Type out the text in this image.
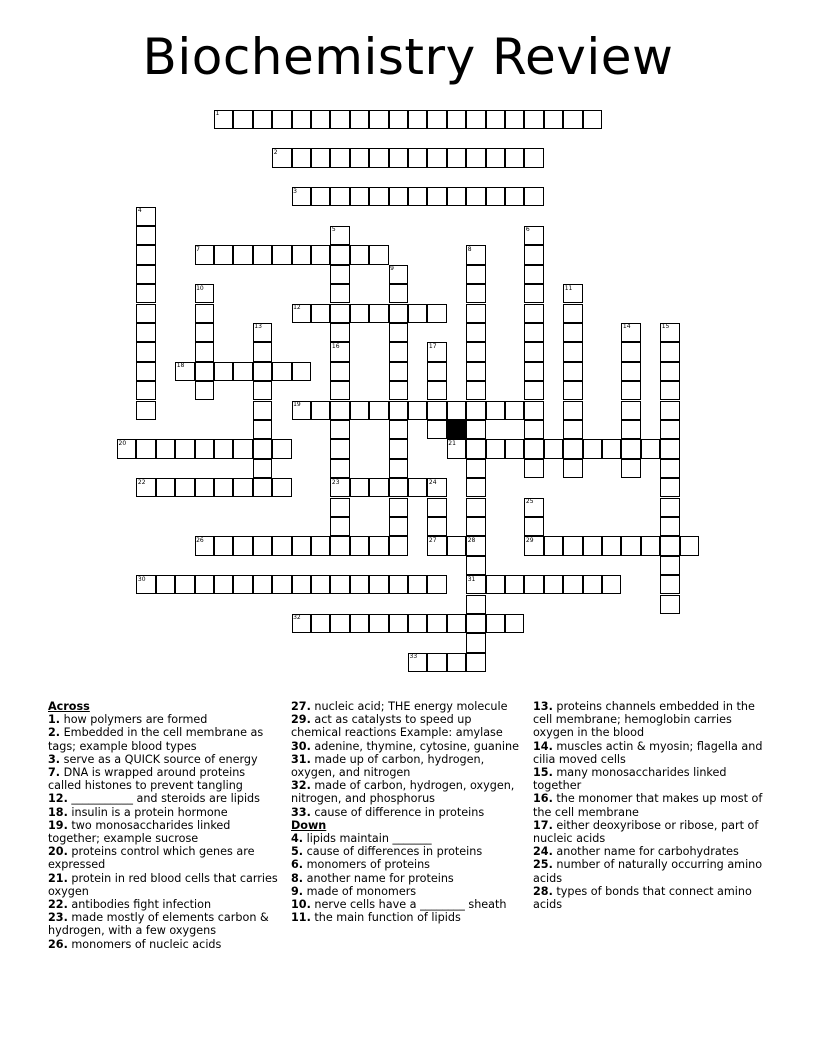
Biochemistry Review
1
2
3
4
5	6
7	8
9
10	11
12
13	14	15
16	17
18
19
20	21
22	23	24
25
26	27	28	29
30	31
32
33
Across
1. how polymers are formed
2. Embedded in the cell membrane as tags; example blood types
3. serve as a QUICK source of energy
7. DNA is wrapped around proteins called histones to prevent tangling
12. ___________ and steroids are lipids
18. insulin is a protein hormone
19. two monosaccharides linked together; example sucrose
20. proteins control which genes are expressed
21. protein in red blood cells that carries oxygen
22. antibodies fight infection
23. made mostly of elements carbon & hydrogen, with a few oxygens
26. monomers of nucleic acids
27. nucleic acid; THE energy molecule
29. act as catalysts to speed up chemical reactions Example: amylase
30. adenine, thymine, cytosine, guanine
31. made up of carbon, hydrogen, oxygen, and nitrogen
32. made of carbon, hydrogen, oxygen, nitrogen, and phosphorus
33. cause of difference in proteins
Down
4. lipids maintain _______
5. cause of differences in proteins
6. monomers of proteins
8. another name for proteins
9. made of monomers
10. nerve cells have a ________ sheath
11. the main function of lipids
13. proteins channels embedded in the cell membrane; hemoglobin carries oxygen in the blood
14. muscles actin & myosin; flagella and cilia moved cells
15. many monosaccharides linked together
16. the monomer that makes up most of the cell membrane
17. either deoxyribose or ribose, part of nucleic acids
24. another name for carbohydrates
25. number of naturally occurring amino acids
28. types of bonds that connect amino acids
